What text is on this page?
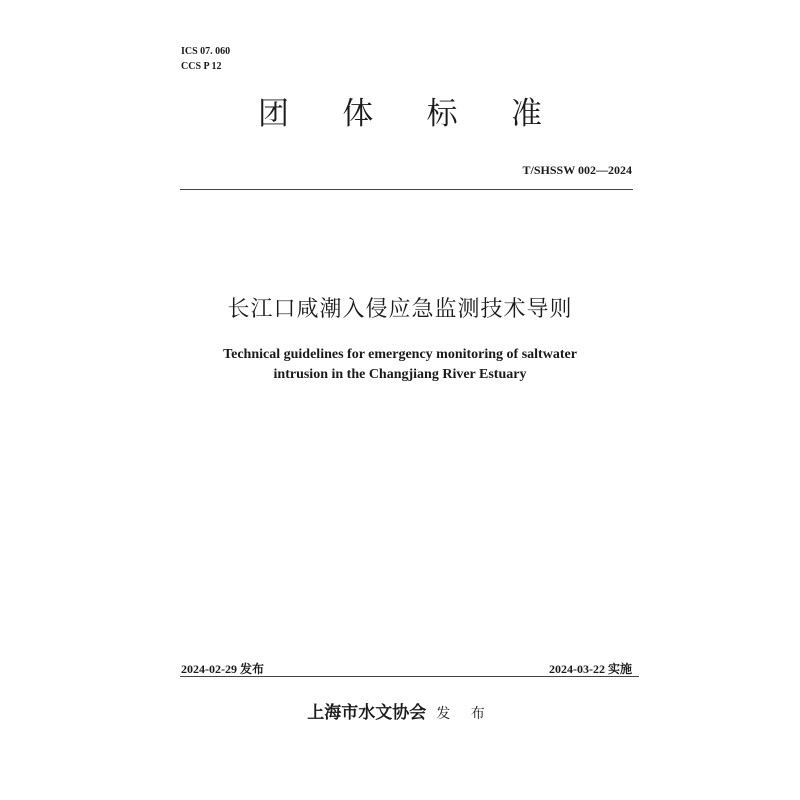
ICS 07. 060
CCS P 12
团 体 标 准
T/SHSSW 002—2024
长江口咸潮入侵应急监测技术导则
Technical guidelines for emergency monitoring of saltwater
intrusion in the Changjiang River Estuary
2024-02-29 发布	2024-03-22 实施
上海市水文协会 发 布
